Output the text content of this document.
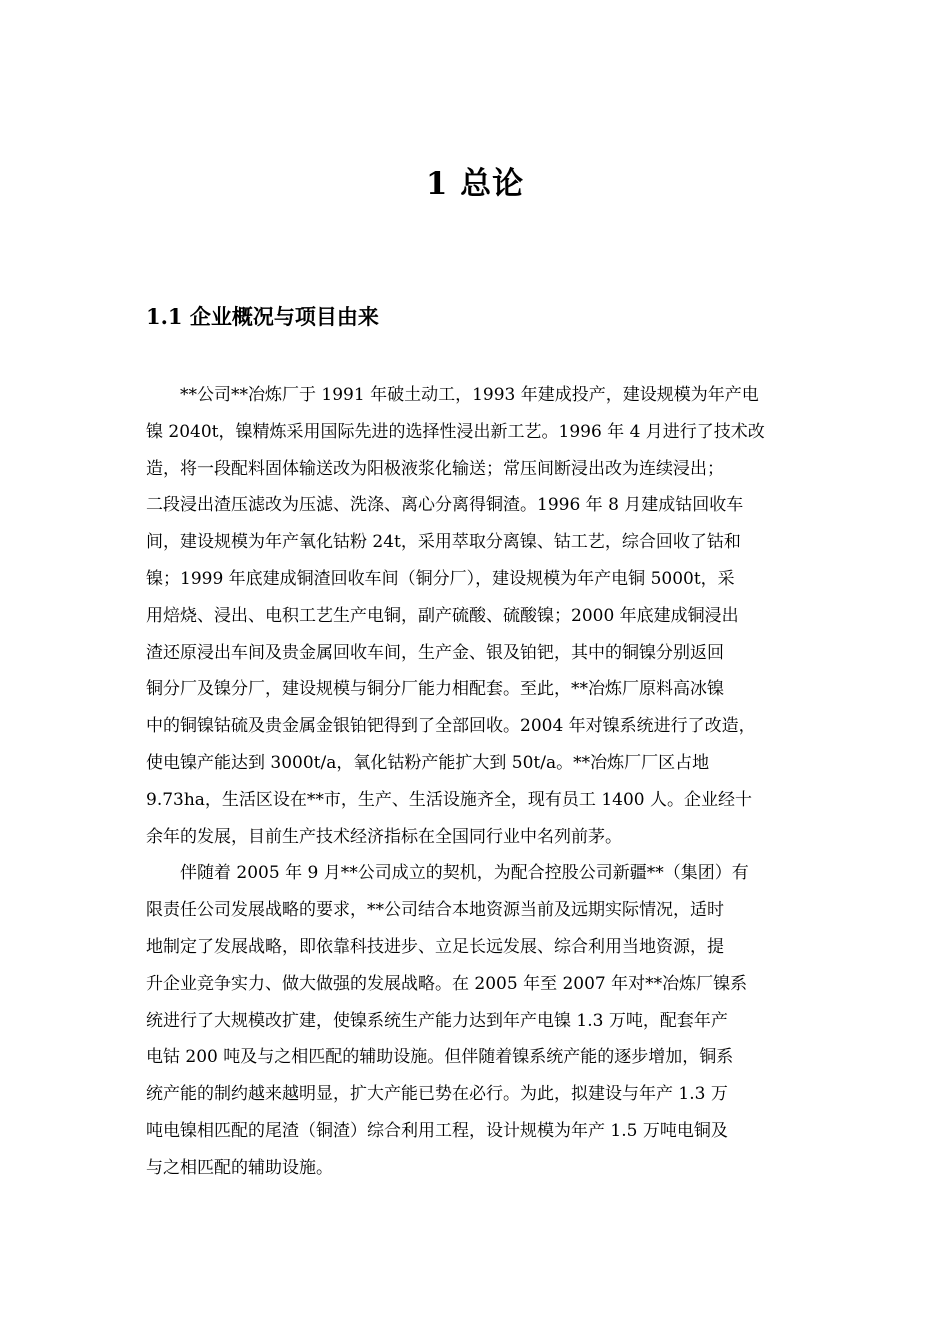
1 总论
1.1 企业概况与项目由来
**公司**冶炼厂于 1991 年破土动工，1993 年建成投产，建设规模为年产电
镍 2040t，镍精炼采用国际先进的选择性浸出新工艺。1996 年 4 月进行了技术改
造，将一段配料固体输送改为阳极液浆化输送；常压间断浸出改为连续浸出；
二段浸出渣压滤改为压滤、洗涤、离心分离得铜渣。1996 年 8 月建成钴回收车
间，建设规模为年产氧化钴粉 24t，采用萃取分离镍、钴工艺，综合回收了钴和
镍；1999 年底建成铜渣回收车间（铜分厂），建设规模为年产电铜 5000t，采
用焙烧、浸出、电积工艺生产电铜，副产硫酸、硫酸镍；2000 年底建成铜浸出
渣还原浸出车间及贵金属回收车间，生产金、银及铂钯，其中的铜镍分别返回
铜分厂及镍分厂，建设规模与铜分厂能力相配套。至此，**冶炼厂原料高冰镍
中的铜镍钴硫及贵金属金银铂钯得到了全部回收。2004 年对镍系统进行了改造，
使电镍产能达到 3000t/a，氧化钴粉产能扩大到 50t/a。**冶炼厂厂区占地
9.73ha，生活区设在**市，生产、生活设施齐全，现有员工 1400 人。企业经十
余年的发展，目前生产技术经济指标在全国同行业中名列前茅。
伴随着 2005 年 9 月**公司成立的契机，为配合控股公司新疆**（集团）有
限责任公司发展战略的要求，**公司结合本地资源当前及远期实际情况，适时
地制定了发展战略，即依靠科技进步、立足长远发展、综合利用当地资源，提
升企业竞争实力、做大做强的发展战略。在 2005 年至 2007 年对**冶炼厂镍系
统进行了大规模改扩建，使镍系统生产能力达到年产电镍 1.3 万吨，配套年产
电钴 200 吨及与之相匹配的辅助设施。但伴随着镍系统产能的逐步增加，铜系
统产能的制约越来越明显，扩大产能已势在必行。为此，拟建设与年产 1.3 万
吨电镍相匹配的尾渣（铜渣）综合利用工程，设计规模为年产 1.5 万吨电铜及
与之相匹配的辅助设施。
